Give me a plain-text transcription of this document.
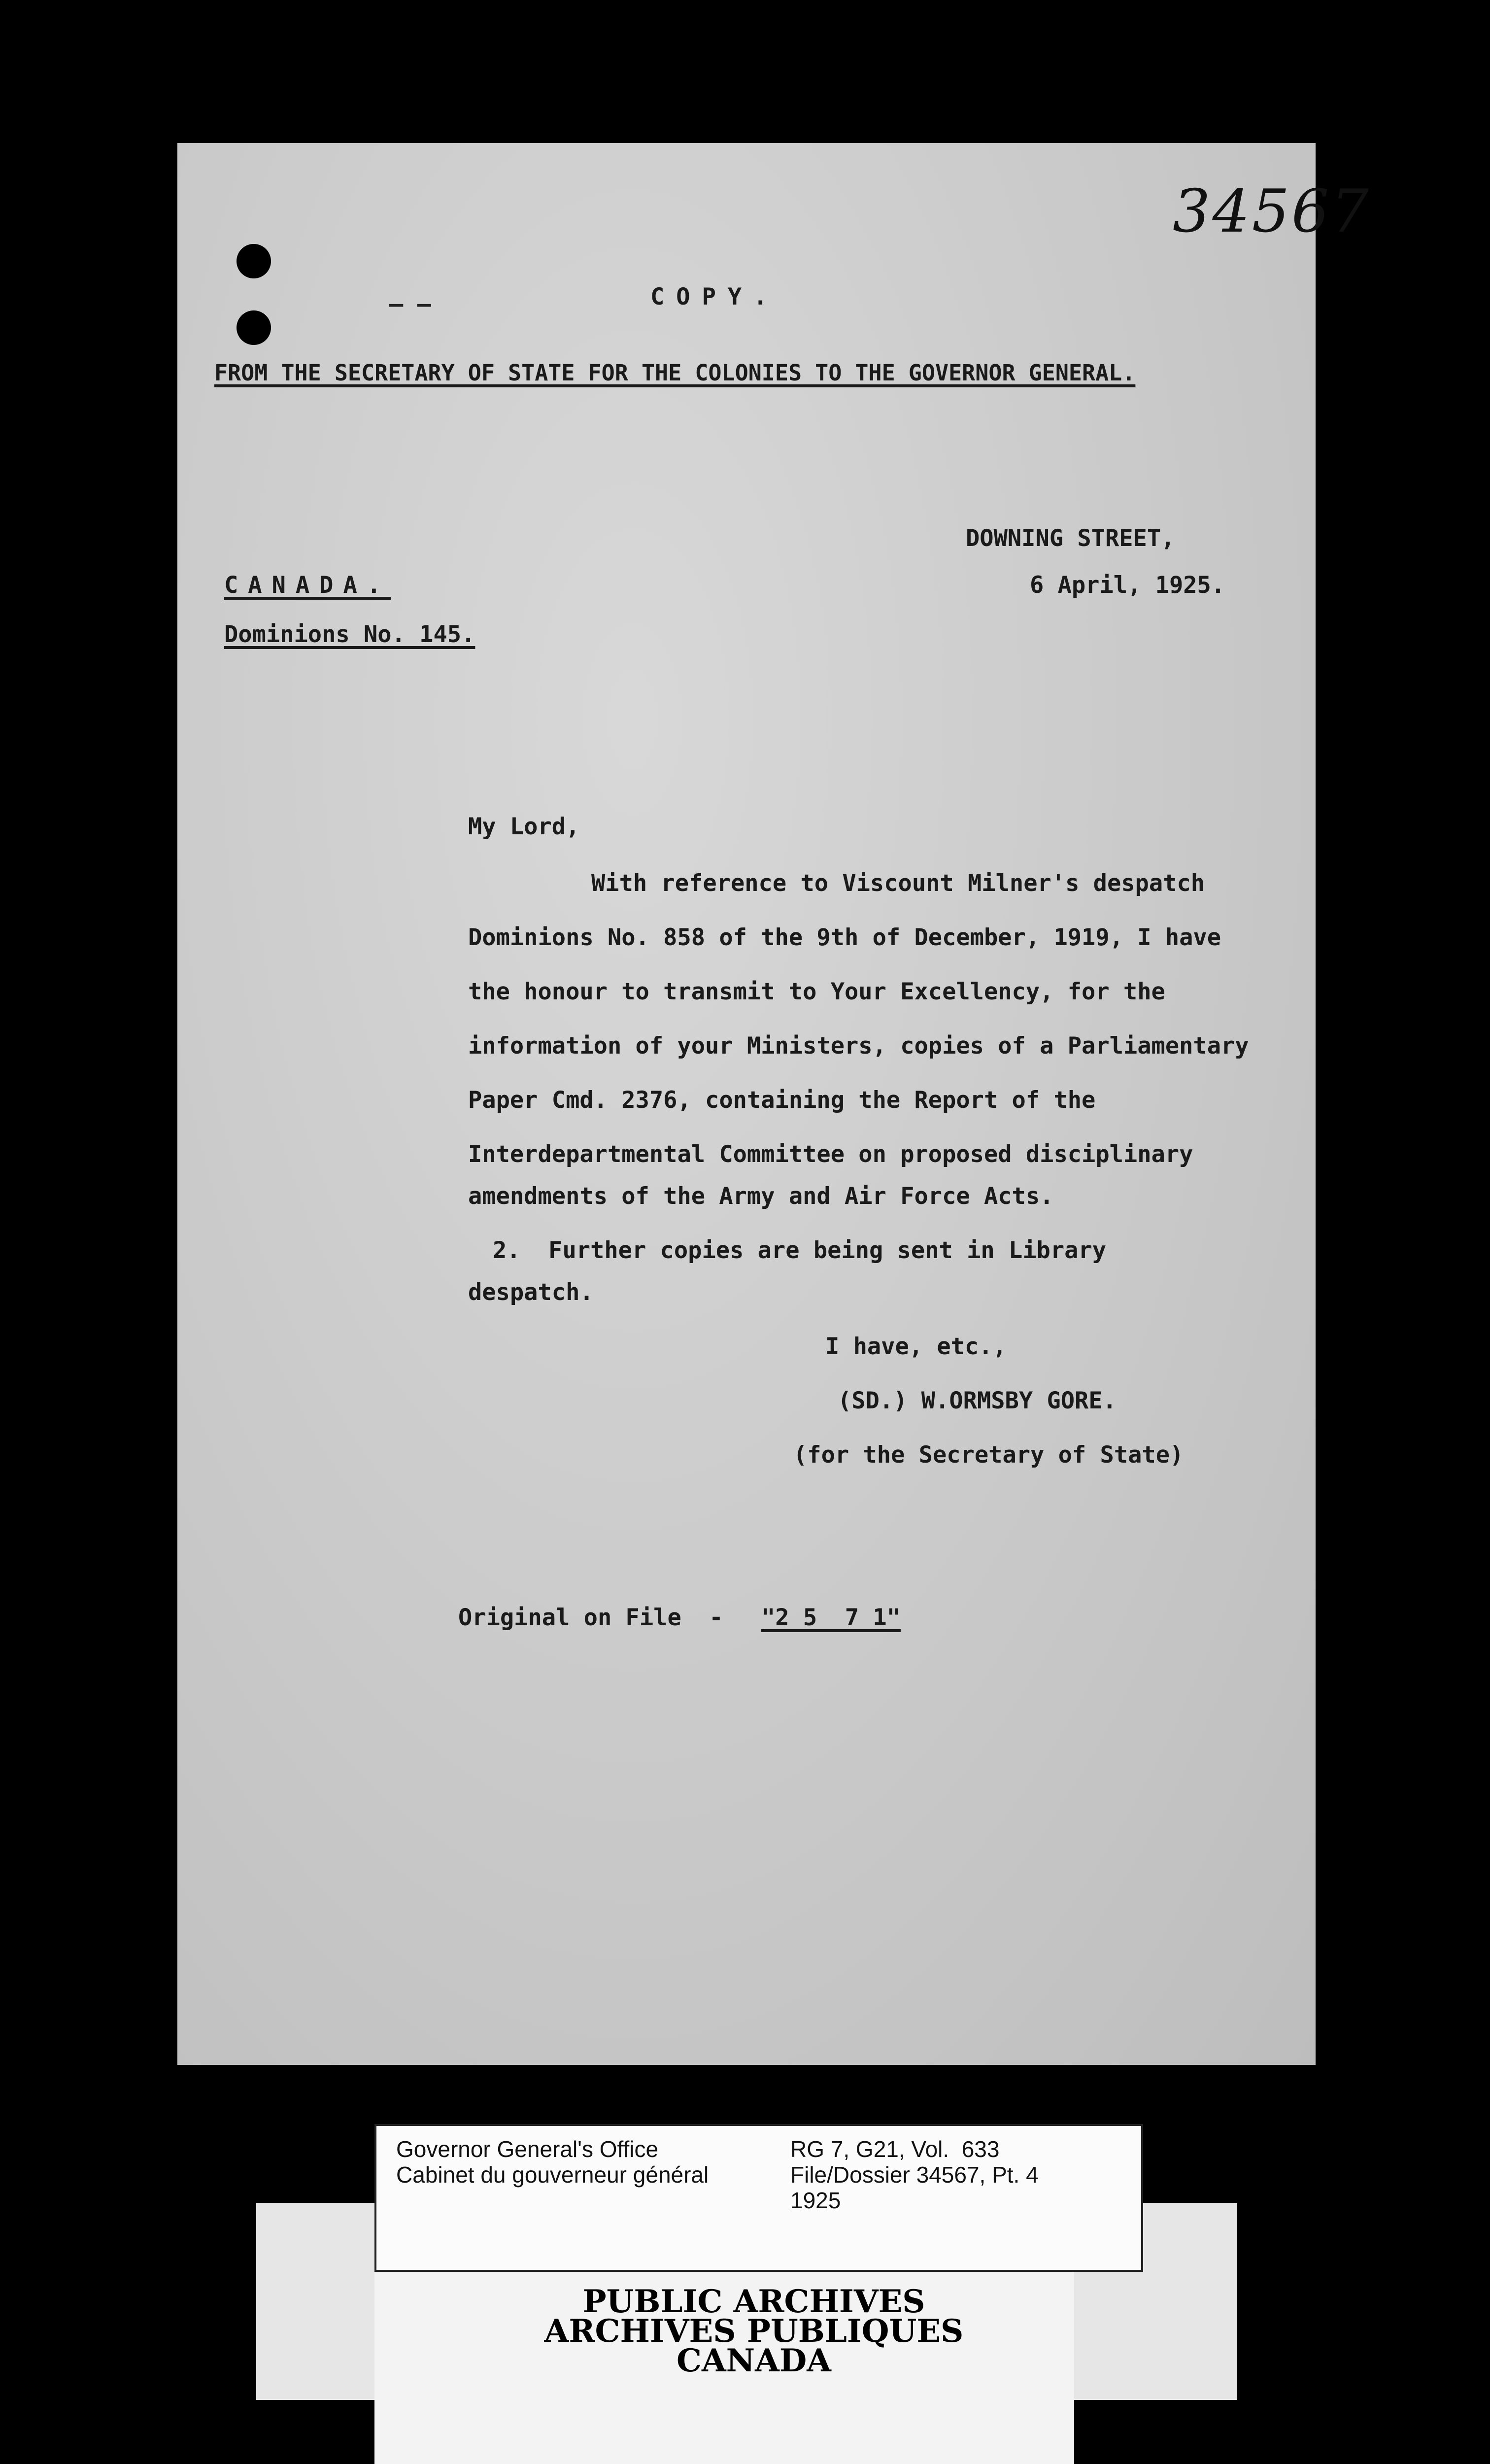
34567
— —	COPY.
FROM THE SECRETARY OF STATE FOR THE COLONIES TO THE GOVERNOR GENERAL.
DOWNING STREET,
6 April, 1925.
CANADA.
Dominions No. 145.
My Lord,
With reference to Viscount Milner's despatch
Dominions No. 858 of the 9th of December, 1919, I have
the honour to transmit to Your Excellency, for the
information of your Ministers, copies of a Parliamentary
Paper Cmd. 2376, containing the Report of the
Interdepartmental Committee on proposed disciplinary
amendments of the Army and Air Force Acts.
2.  Further copies are being sent in Library
despatch.
I have, etc.,
(SD.) W.ORMSBY GORE.
(for the Secretary of State)
Original on File  - "2 5  7 1"
Governor General's Office
Cabinet du gouverneur général
RG 7, G21, Vol.  633
File/Dossier 34567, Pt. 4
1925
PUBLIC ARCHIVES
ARCHIVES PUBLIQUES
CANADA
